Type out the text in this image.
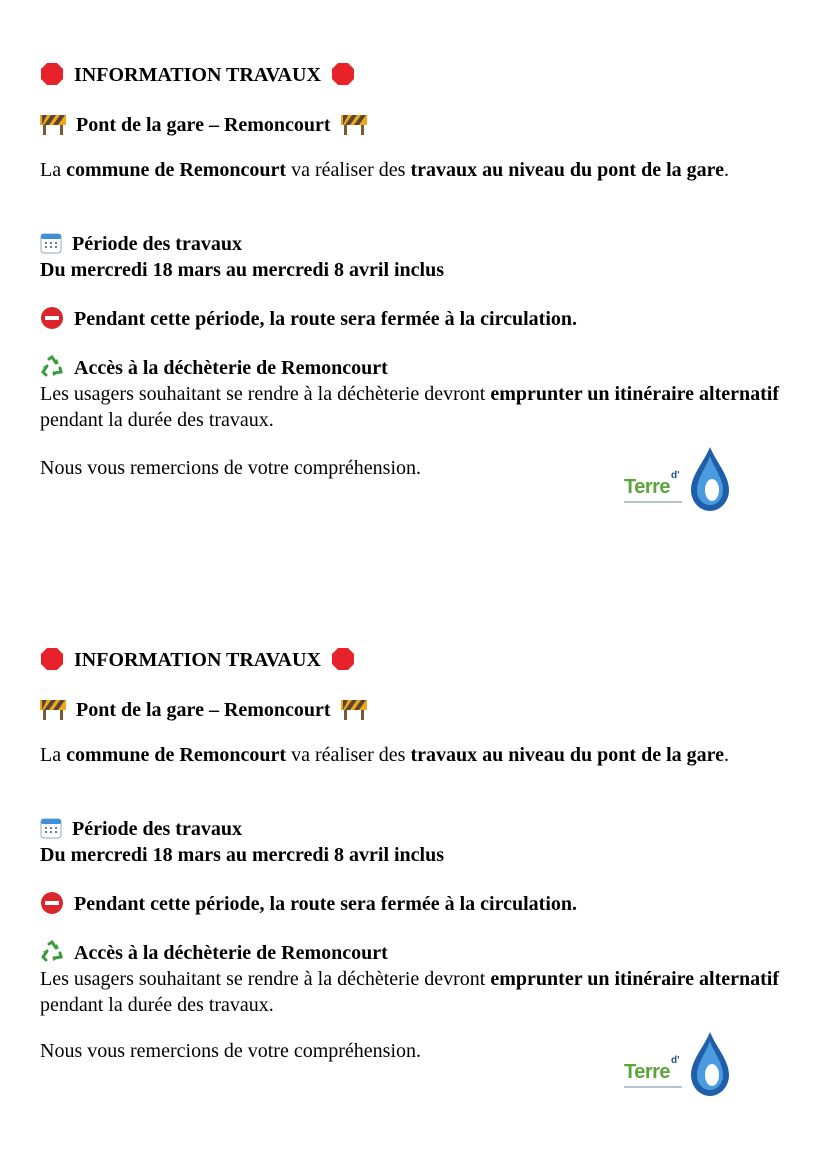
INFORMATION TRAVAUX
Pont de la gare – Remoncourt
La commune de Remoncourt va réaliser des travaux au niveau du pont de la gare.
Période des travaux
Du mercredi 18 mars au mercredi 8 avril inclus
Pendant cette période, la route sera fermée à la circulation.
Accès à la déchèterie de Remoncourt
Les usagers souhaitant se rendre à la déchèterie devront emprunter un itinéraire alternatif pendant la durée des travaux.
Nous vous remercions de votre compréhension.
Terre
d'
INFORMATION TRAVAUX
Pont de la gare – Remoncourt
La commune de Remoncourt va réaliser des travaux au niveau du pont de la gare.
Période des travaux
Du mercredi 18 mars au mercredi 8 avril inclus
Pendant cette période, la route sera fermée à la circulation.
Accès à la déchèterie de Remoncourt
Les usagers souhaitant se rendre à la déchèterie devront emprunter un itinéraire alternatif pendant la durée des travaux.
Nous vous remercions de votre compréhension.
Terre
d'
